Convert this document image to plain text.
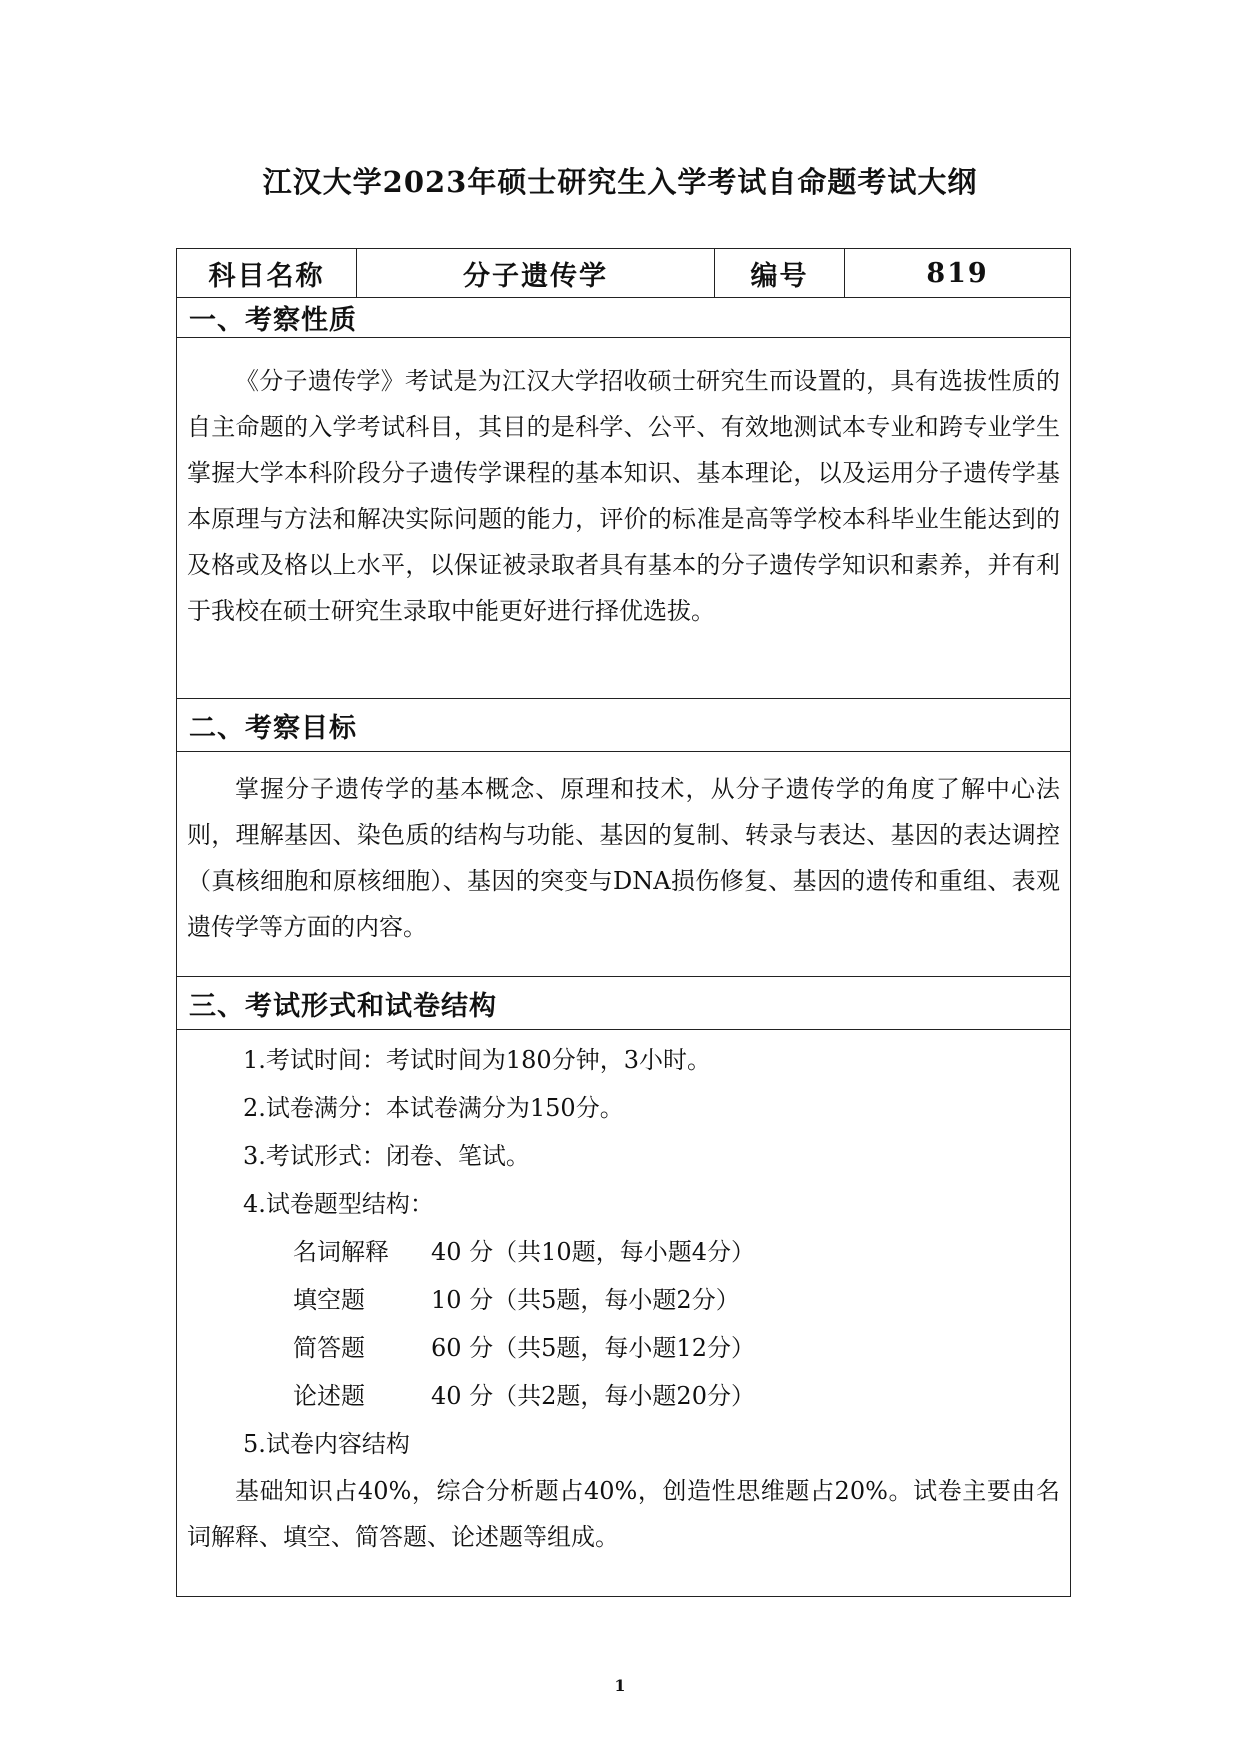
江汉大学2023年硕士研究生入学考试自命题考试大纲
科目名称	分子遗传学	编号	819
一、考察性质

《分子遗传学》考试是为江汉大学招收硕士研究生而设置的，具有选拔性质的自主命题的入学考试科目，其目的是科学、公平、有效地测试本专业和跨专业学生掌握大学本科阶段分子遗传学课程的基本知识、基本理论，以及运用分子遗传学基本原理与方法和解决实际问题的能力，评价的标准是高等学校本科毕业生能达到的及格或及格以上水平，以保证被录取者具有基本的分子遗传学知识和素养，并有利于我校在硕士研究生录取中能更好进行择优选拔。

二、考察目标

掌握分子遗传学的基本概念、原理和技术，从分子遗传学的角度了解中心法则，理解基因、染色质的结构与功能、基因的复制、转录与表达、基因的表达调控（真核细胞和原核细胞）、基因的突变与DNA损伤修复、基因的遗传和重组、表观遗传学等方面的内容。

三、考试形式和试卷结构

1.考试时间：考试时间为180分钟，3小时。

2.试卷满分：本试卷满分为150分。

3.考试形式：闭卷、笔试。

4.试卷题型结构：

名词解释	40 分（共10题，每小题4分）
填空题	10 分（共5题，每小题2分）
简答题	60 分（共5题，每小题12分）
论述题	40 分（共2题，每小题20分）

5.试卷内容结构

基础知识占40%，综合分析题占40%，创造性思维题占20%。试卷主要由名词解释、填空、简答题、论述题等组成。

1
